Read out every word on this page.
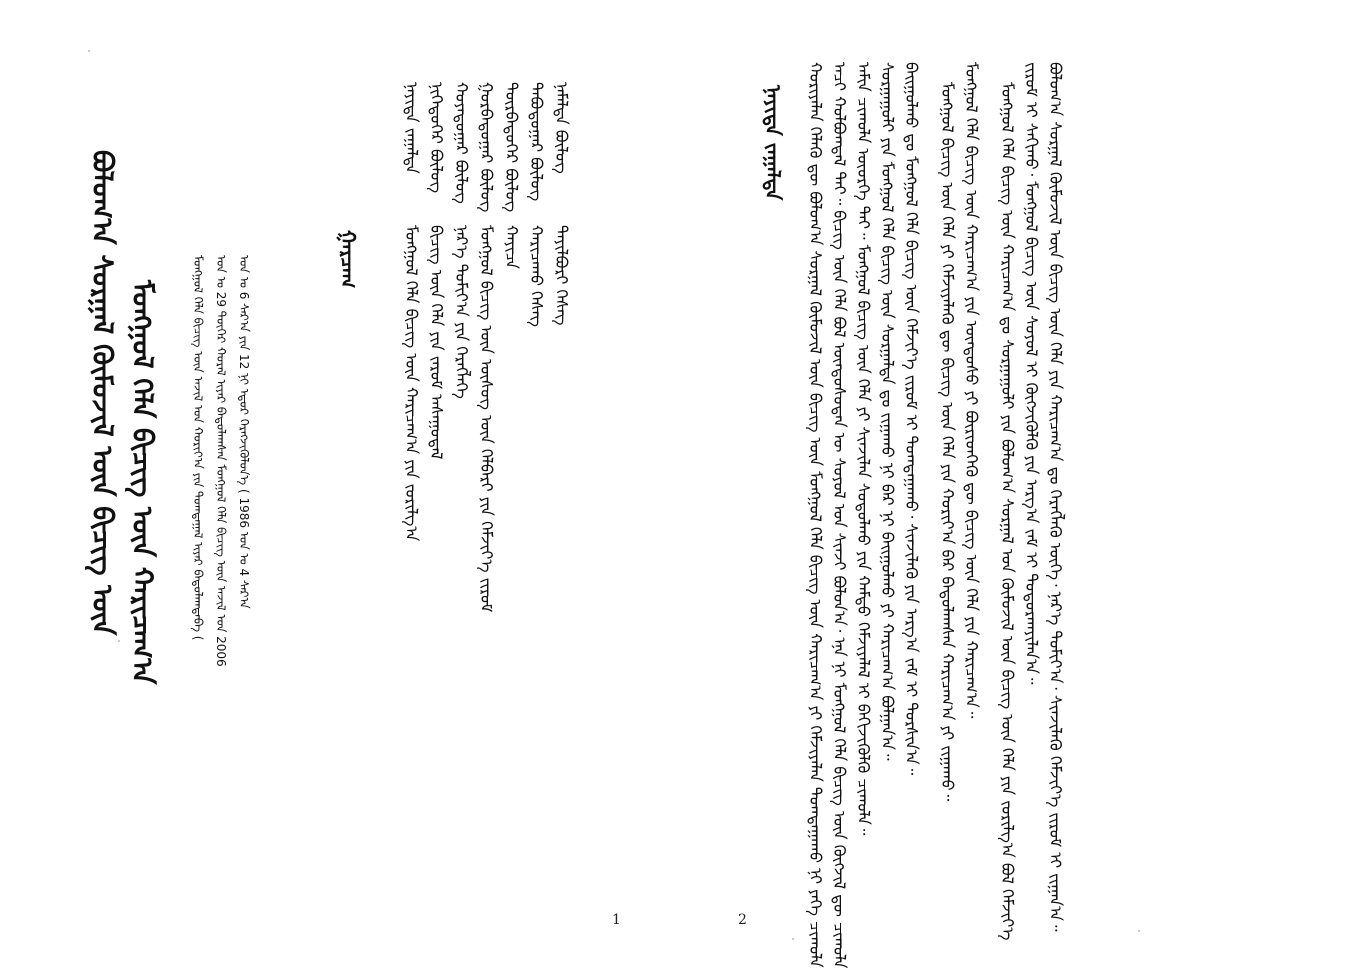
ᠪᠣᠯᠤᠭ᠎ᠠ ᠰᠤᠷᠭᠠᠯ ᠬᠦᠮᠦᠵᠢᠯ ᠦᠨ ᠪᠢᠴᠢᠭ ᠦᠨ ᠮᠣᠩᠭᠣᠯ ᠬᠡᠯᠡ ᠪᠢᠴᠢᠭ ᠦᠨ ᠬᠠᠷᠢᠴᠠᠭ᠎ᠠ	ᠮᠣᠩᠭᠣᠯ ᠬᠡᠯᠡ ᠪᠢᠴᠢᠭ ᠦᠨ ᠠᠵᠢᠯ ᠤᠨ ᠬᠣᠷᠢᠶ᠎ᠠ ᠶᠢᠨ ᠲᠣᠭᠲᠠᠭᠠᠯ ᠢᠶᠠᠷ ᠪᠠᠲᠤᠯᠠᠭᠳᠠᠪᠠ ( ᠣᠨ ᠤ 29 ᠳᠦᠭᠡᠷ ᠬᠤᠷᠠᠯ ᠢᠶᠠᠷ ᠪᠠᠲᠤᠯᠠᠭᠰᠠᠨ ᠮᠣᠩᠭᠣᠯ ᠬᠡᠯᠡ ᠪᠢᠴᠢᠭ ᠦᠨ ᠠᠵᠢᠯ ᠤᠨ 2006 ᠣᠨ ᠤ 6 ᠰᠠᠷ᠎ᠠ ᠶᠢᠨ 12 ᠨᠢ ᠡᠳᠦᠷ ᠬᠡᠷᠡᠭᠵᠢᠭᠦᠯᠦᠨ᠎ᠡ ( 1986 ᠣᠨ ᠤ 4 ᠰᠠᠷ᠎ᠠ	ᠭᠠᠷᠴᠠᠭ
ᠨᠡᠶᠢᠲᠡ ᠵᠠᠭᠠᠯᠲᠠ
ᠮᠣᠩᠭᠣᠯ ᠬᠡᠯᠡ ᠪᠢᠴᠢᠭ ᠦᠨ ᠬᠠᠷᠢᠴᠠᠭ᠎ᠠ ᠶᠢᠨ ᠵᠣᠷᠢᠯᠭ᠎ᠠ
ᠨᠢᠭᠡᠳᠦᠭᠡᠷ ᠪᠦᠯᠦᠭ
ᠪᠢᠴᠢᠭ ᠦᠨ ᠬᠡᠯᠡ ᠶᠢᠨ ᠵᠠᠷᠣᠮ ᠠᠰᠠᠭᠤᠳᠠᠯ
ᠬᠣᠶᠠᠳᠤᠭᠠᠷ ᠪᠦᠯᠦᠭ
ᠨᠡᠷ᠎ᠡ ᠲᠣᠮᠢᠶ᠎ᠠ ᠶᠢᠨ ᠬᠡᠷᠡᠭᠯᠡᠭᠡ
ᠭᠤᠷᠪᠠᠳᠤᠭᠠᠷ ᠪᠦᠯᠦᠭ
ᠮᠣᠩᠭᠣᠯ ᠪᠢᠴᠢᠭ ᠦᠨ ᠦᠰᠦᠭ ᠦᠨ ᠬᠡᠯᠪᠡᠷᠢ ᠶᠢᠨ ᠬᠡᠮᠵᠢᠶ᠎ᠡ ᠵᠢᠷᠤᠮ
ᠳᠥᠷᠪᠡᠳᠦᠭᠡᠷ ᠪᠦᠯᠦᠭ
ᠬᠠᠶᠢᠴᠠ
ᠲᠠᠪᠤᠳᠤᠭᠠᠷ ᠪᠦᠯᠦᠭ
ᠬᠠᠷᠢᠴᠠᠬᠤ ᠬᠡᠰᠡᠭ
ᠨᠡᠮᠡᠯᠲᠡ ᠪᠦᠯᠦᠭ
ᠲᠠᠶᠢᠯᠪᠤᠷᠢ ᠬᠡᠰᠡᠭ
1
ᠨᠡᠶᠢᠲᠡ ᠵᠠᠭᠠᠯᠲᠠ ᠬᠣᠷᠢᠶᠠᠯᠠᠨ ᠬᠡᠯᠡᠬᠦ ᠳᠦ ᠪᠣᠯᠤᠭ᠎ᠠ ᠰᠤᠷᠭᠠᠯ ᠬᠦᠮᠦᠵᠢᠯ ᠦᠨ ᠪᠢᠴᠢᠭ ᠦᠨ ᠮᠣᠩᠭᠣᠯ ᠬᠡᠯᠡ ᠪᠢᠴᠢᠭ ᠦᠨ ᠬᠠᠷᠢᠴᠠᠭ᠎ᠠ ᠶᠢ ᠬᠡᠮᠵᠢᠶᠡᠯᠡᠨ ᠲᠣᠭᠲᠠᠭᠠᠬᠤ ᠨᠢ ᠶᠡᠬᠡ ᠴᠢᠬᠤᠯᠠ ᠠᠴᠢ ᠬᠣᠯᠪᠣᠭᠳᠠᠯ ᠲᠠᠢ᠃ ᠪᠢᠴᠢᠭ ᠦᠨ ᠬᠡᠯᠡ ᠪᠣᠯ ᠦᠨᠳᠦᠰᠦᠲᠡᠨ ᠦ ᠰᠣᠶᠣᠯ ᠤᠨ ᠰᠢᠨᠵᠢ ᠪᠣᠯᠤᠨ᠎ᠠ᠂ ᠡᠨᠡ ᠨᠢ ᠮᠣᠩᠭᠣᠯ ᠬᠡᠯᠡ ᠪᠢᠴᠢᠭ ᠦᠨ ᠬᠥᠭᠵᠢᠯ ᠳᠦ ᠴᠢᠬᠤᠯᠠ ᠠᠮᠢᠨ ᠴᠢᠬᠤᠯᠠ ᠦᠦᠷᠭᠡ ᠲᠠᠢ᠃ ᠮᠣᠩᠭᠣᠯ ᠪᠢᠴᠢᠭ ᠦᠨ ᠬᠡᠯᠡ ᠶᠢ ᠰᠢᠨᠵᠢᠯᠡᠨ ᠰᠤᠳᠤᠯᠬᠤ ᠶᠢᠨ ᠬᠠᠮᠲᠤ ᠬᠡᠮᠵᠢᠶᠡᠯᠡᠯ ᠢ ᠪᠡᠬᠢᠵᠢᠭᠦᠯᠬᠦ ᠴᠢᠬᠤᠯᠠ᠃ ᠰᠤᠷᠭᠠᠭᠤᠯᠢ ᠶᠢᠨ ᠮᠣᠩᠭᠣᠯ ᠬᠡᠯᠡ ᠪᠢᠴᠢᠭ ᠦᠨ ᠰᠤᠷᠭᠠᠯᠲᠠ ᠳᠤ ᠵᠢᠭᠠᠬᠤ ᠨᠢ ᠪᠠᠷ ᠨᠢ ᠪᠠᠢᠭᠤᠯᠬᠤ ᠶᠢ ᠬᠠᠷᠢᠴᠠᠭ᠎ᠠ ᠪᠤᠯᠭᠠᠨ᠎ᠠ᠃ ᠪᠠᠢᠭᠤᠯᠬᠤ ᠳᠤ ᠮᠣᠩᠭᠣᠯ ᠬᠡᠯᠡ ᠪᠢᠴᠢᠭ ᠦᠨ ᠬᠡᠮᠵᠢᠶ᠎ᠡ ᠵᠢᠷᠤᠮ ᠢ ᠲᠣᠭᠲᠠᠭᠠᠬᠤ᠂ ᠰᠢᠨᠵᠢᠯᠡᠬᠦ ᠶᠢᠨ ᠠᠷᠭ᠎ᠠ ᠵᠠᠮ ᠢ ᠲᠤᠷᠰᠢᠨ᠎ᠠ᠃ ᠮᠣᠩᠭᠣᠯ ᠪᠢᠴᠢᠭ ᠦᠨ ᠬᠡᠯᠡ ᠶᠢ ᠬᠡᠮᠵᠢᠶᠡᠯᠡᠬᠦ ᠳᠦ ᠪᠢᠴᠢᠭ ᠦᠨ ᠬᠡᠯᠡ ᠶᠢᠨ ᠬᠣᠷᠢᠶ᠎ᠠ ᠪᠠᠷ ᠪᠠᠲᠤᠯᠠᠭᠰᠠᠨ ᠬᠠᠷᠢᠴᠠᠭ᠎ᠠ ᠶᠢ ᠵᠢᠭᠠᠬᠤ᠃ ᠮᠣᠩᠭᠣᠯ ᠬᠡᠯᠡ ᠪᠢᠴᠢᠭ ᠦᠨ ᠬᠠᠷᠢᠴᠠᠭ᠎ᠠ ᠶᠢᠨ ᠦᠨᠳᠦᠰᠦ ᠶᠢ ᠪᠦᠷᠢᠳᠬᠡᠬᠦ ᠳᠦ ᠪᠢᠴᠢᠭ ᠦᠨ ᠬᠡᠯᠡ ᠶᠢᠨ ᠬᠠᠷᠢᠴᠠᠭ᠎ᠠ᠃ ᠮᠣᠩᠭᠣᠯ ᠬᠡᠯᠡ ᠪᠢᠴᠢᠭ ᠦᠨ ᠬᠠᠷᠢᠴᠠᠭ᠎ᠠ ᠳᠤ ᠰᠤᠷᠭᠠᠭᠤᠯᠢ ᠶᠢᠨ ᠪᠣᠯᠤᠭ᠎ᠠ ᠰᠤᠷᠭᠠᠯ ᠤᠨ ᠬᠦᠮᠦᠵᠢᠯ ᠦᠨ ᠪᠢᠴᠢᠭ ᠦᠨ ᠬᠡᠯᠡ ᠶᠢᠨ ᠵᠣᠷᠢᠯᠭ᠎ᠠ ᠪᠣᠯ ᠬᠡᠮᠵᠢᠶ᠎ᠡ ᠵᠢᠷᠤᠮ ᠢ ᠰᠠᠬᠢᠬᠤ᠂ ᠮᠣᠩᠭᠣᠯ ᠪᠢᠴᠢᠭ ᠦᠨ ᠰᠣᠶᠣᠯ ᠢ ᠬᠥᠭᠵᠢᠭᠦᠯᠬᠦ ᠶᠢᠨ ᠠᠷᠭ᠎ᠠ ᠵᠠᠮ ᠢ ᠲᠣᠳᠣᠷᠬᠠᠶᠢᠯᠠᠨ᠎ᠠ᠃ ᠪᠣᠯᠤᠭ᠎ᠠ ᠰᠤᠷᠭᠠᠯ ᠬᠦᠮᠦᠵᠢᠯ ᠦᠨ ᠪᠢᠴᠢᠭ ᠦᠨ ᠬᠡᠯᠡ ᠶᠢᠨ ᠬᠠᠷᠢᠴᠠᠭ᠎ᠠ ᠳᠤ ᠬᠡᠷᠡᠭᠯᠡᠬᠦ ᠦᠭᠡ᠂ ᠨᠡᠷ᠎ᠡ ᠲᠣᠮᠢᠶ᠎ᠠ᠂ ᠰᠢᠨᠵᠢᠯᠡᠬᠦ ᠬᠡᠮᠵᠢᠶ᠎ᠡ ᠵᠢᠷᠤᠮ ᠢ ᠵᠢᠭᠠᠨ᠎ᠠ᠃
2
